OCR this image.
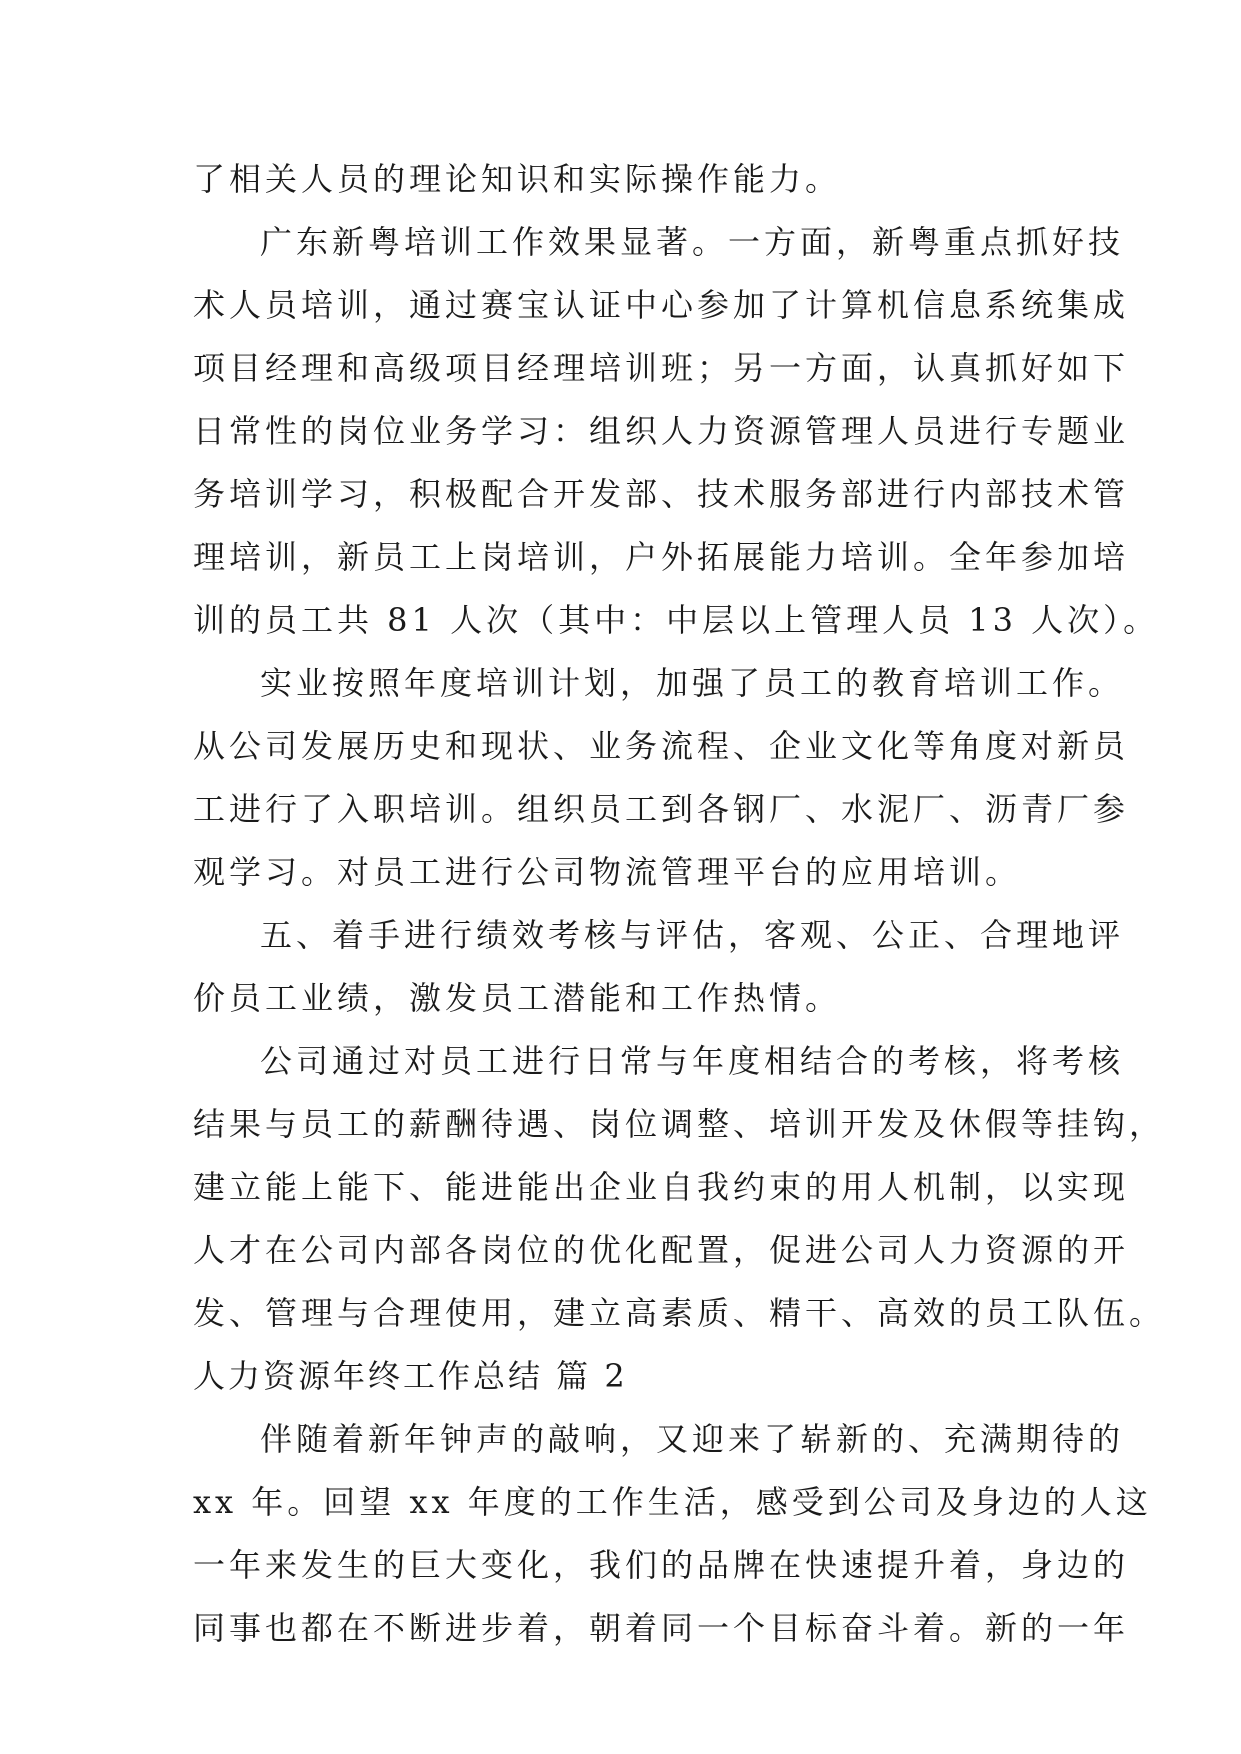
了相关人员的理论知识和实际操作能力。
广东新粤培训工作效果显著。一方面，新粤重点抓好技
术人员培训，通过赛宝认证中心参加了计算机信息系统集成
项目经理和高级项目经理培训班；另一方面，认真抓好如下
日常性的岗位业务学习：组织人力资源管理人员进行专题业
务培训学习，积极配合开发部、技术服务部进行内部技术管
理培训，新员工上岗培训，户外拓展能力培训。全年参加培
训的员工共 81 人次（其中：中层以上管理人员 13 人次）。
实业按照年度培训计划，加强了员工的教育培训工作。
从公司发展历史和现状、业务流程、企业文化等角度对新员
工进行了入职培训。组织员工到各钢厂、水泥厂、沥青厂参
观学习。对员工进行公司物流管理平台的应用培训。
五、着手进行绩效考核与评估，客观、公正、合理地评
价员工业绩，激发员工潜能和工作热情。
公司通过对员工进行日常与年度相结合的考核，将考核
结果与员工的薪酬待遇、岗位调整、培训开发及休假等挂钩，
建立能上能下、能进能出企业自我约束的用人机制，以实现
人才在公司内部各岗位的优化配置，促进公司人力资源的开
发、管理与合理使用，建立高素质、精干、高效的员工队伍。
人力资源年终工作总结 篇 2
伴随着新年钟声的敲响，又迎来了崭新的、充满期待的
xx 年。回望 xx 年度的工作生活，感受到公司及身边的人这
一年来发生的巨大变化，我们的品牌在快速提升着，身边的
同事也都在不断进步着，朝着同一个目标奋斗着。新的一年
